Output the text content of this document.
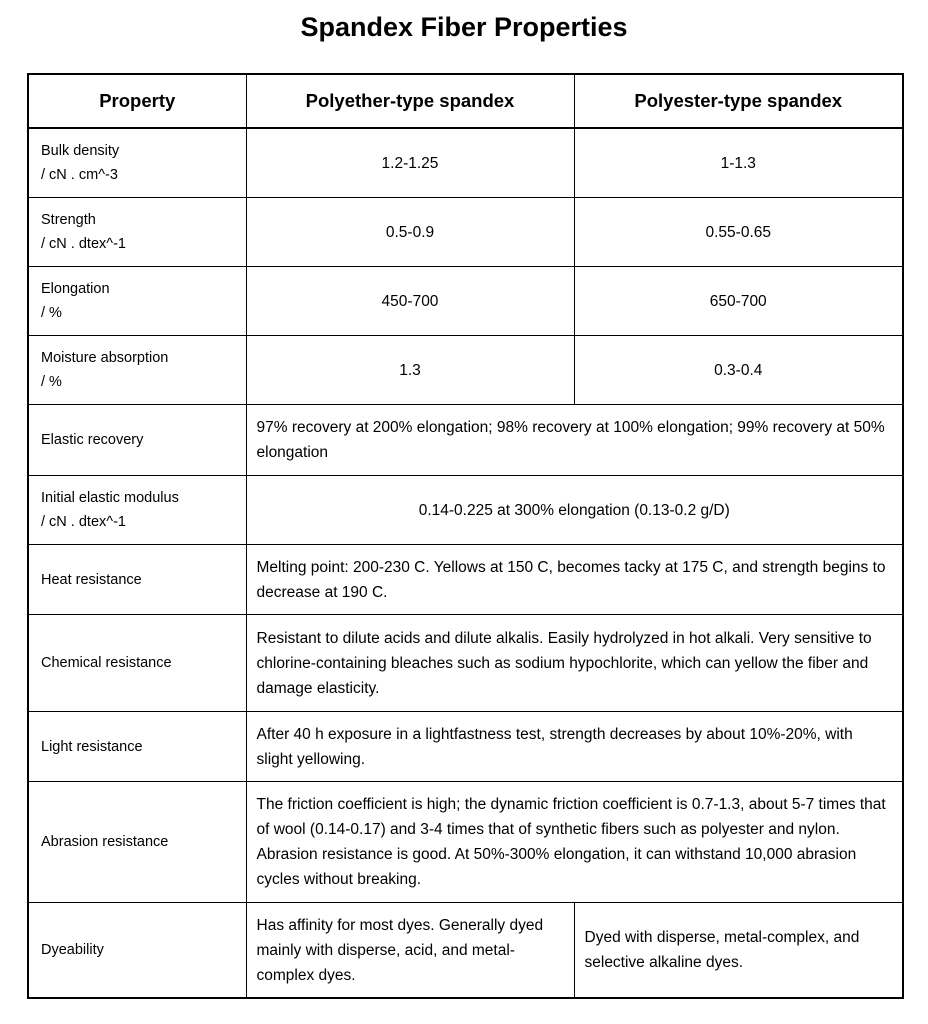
Spandex Fiber Properties
Property	Polyether-type spandex	Polyester-type spandex
Bulk density
/ cN . cm^-3	1.2-1.25	1-1.3
Strength
/ cN . dtex^-1	0.5-0.9	0.55-0.65
Elongation
/ %	450-700	650-700
Moisture absorption
/ %	1.3	0.3-0.4
Elastic recovery	97% recovery at 200% elongation; 98% recovery at 100% elongation; 99% recovery at 50% elongation	
Initial elastic modulus
/ cN . dtex^-1	0.14-0.225 at 300% elongation (0.13-0.2 g/D)	
Heat resistance	Melting point: 200-230 C. Yellows at 150 C, becomes tacky at 175 C, and strength begins to decrease at 190 C.	
Chemical resistance	Resistant to dilute acids and dilute alkalis. Easily hydrolyzed in hot alkali. Very sensitive to chlorine-containing bleaches such as sodium hypochlorite, which can yellow the fiber and damage elasticity.	
Light resistance	After 40 h exposure in a lightfastness test, strength decreases by about 10%-20%, with slight yellowing.	
Abrasion resistance	The friction coefficient is high; the dynamic friction coefficient is 0.7-1.3, about 5-7 times that of wool (0.14-0.17) and 3-4 times that of synthetic fibers such as polyester and nylon. Abrasion resistance is good. At 50%-300% elongation, it can withstand 10,000 abrasion cycles without breaking.	
Dyeability	Has affinity for most dyes. Generally dyed mainly with disperse, acid, and metal-complex dyes.	Dyed with disperse, metal-complex, and selective alkaline dyes.
